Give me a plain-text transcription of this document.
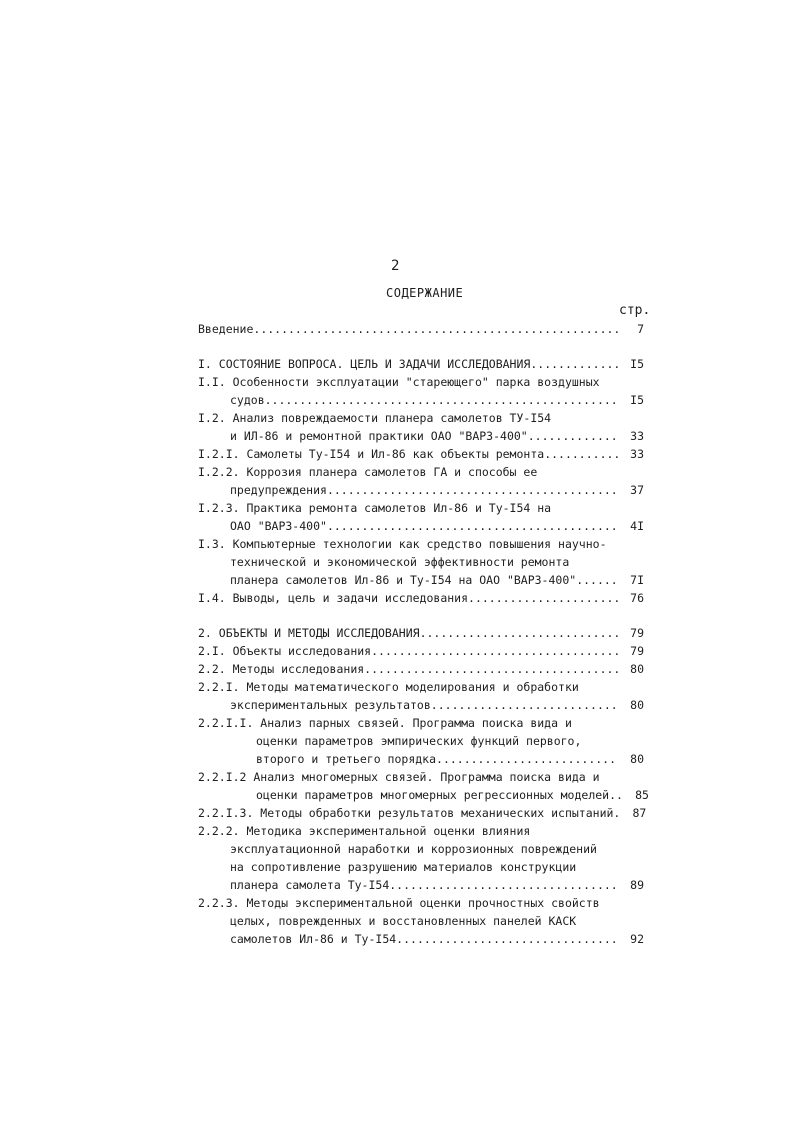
2
СОДЕРЖАНИЕ
стр.
Введение .....	7
I. СОСТОЯНИЕ ВОПРОСА. ЦЕЛЬ И ЗАДАЧИ ИССЛЕДОВАНИЯ .....	I5
I.I. Особенности эксплуатации "стареющего" парка воздушных
судов .....	I5
I.2. Анализ повреждаемости планера самолетов ТУ-I54
и ИЛ-86 и ремонтной практики ОАО "ВАРЗ-400" .....	33
I.2.I. Самолеты Ту-I54 и Ил-86 как объекты ремонта .....	33
I.2.2. Коррозия планера самолетов ГА и способы ее
предупреждения .....	37
I.2.3. Практика ремонта самолетов Ил-86 и Ту-I54 на
ОАО "ВАРЗ-400" .....	4I
I.3. Компьютерные технологии как средство повышения научно-
технической и экономической эффективности ремонта
планера самолетов Ил-86 и Ту-I54 на ОАО "ВАРЗ-400" .....	7I
I.4. Выводы, цель и задачи исследования .....	76
2. ОБЪЕКТЫ И МЕТОДЫ ИССЛЕДОВАНИЯ .....	79
2.I. Объекты исследования .....	79
2.2. Методы исследования .....	80
2.2.I. Методы математического моделирования и обработки
экспериментальных результатов .....	80
2.2.I.I. Анализ парных связей. Программа поиска вида и
оценки параметров эмпирических функций первого,
второго и третьего порядка .....	80
2.2.I.2 Анализ многомерных связей. Программа поиска вида и
оценки параметров многомерных регрессионных моделей..	85
2.2.I.3. Методы обработки результатов механических испытаний.	87
2.2.2. Методика экспериментальной оценки влияния
эксплуатационной наработки и коррозионных повреждений
на сопротивление разрушению материалов конструкции
планера самолета Ту-I54 .....	89
2.2.3. Методы экспериментальной оценки прочностных свойств
целых, поврежденных и восстановленных панелей КАСК
самолетов Ил-86 и Ту-I54 .....	92
